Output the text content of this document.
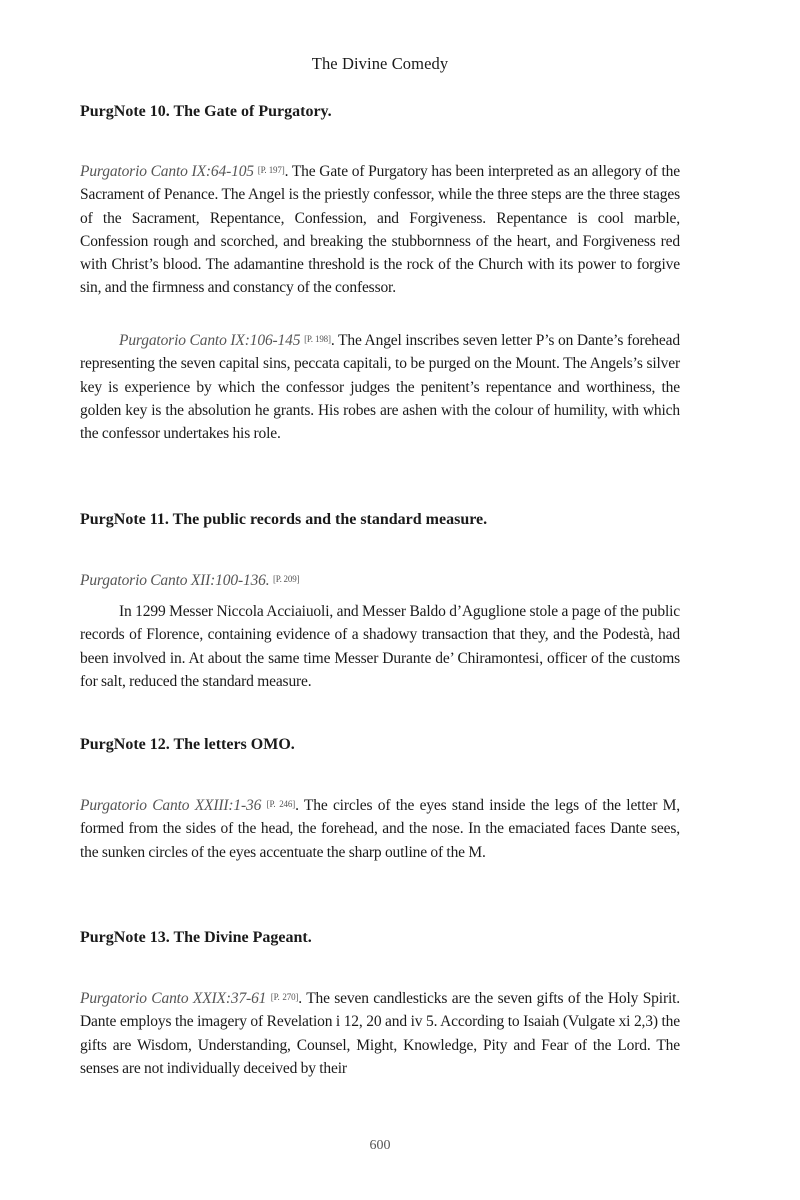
The Divine Comedy
PurgNote 10. The Gate of Purgatory.

Purgatorio Canto IX:64-105 [P. 197]. The Gate of Purgatory has been interpreted as an allegory of the Sacrament of Penance. The Angel is the priestly confessor, while the three steps are the three stages of the Sacrament, Repentance, Confession, and Forgiveness. Repentance is cool marble, Confession rough and scorched, and breaking the stubbornness of the heart, and Forgiveness red with Christ’s blood. The adamantine threshold is the rock of the Church with its power to forgive sin, and the firmness and constancy of the confessor.

Purgatorio Canto IX:106-145 [P. 198]. The Angel inscribes seven letter P’s on Dante’s forehead representing the seven capital sins, peccata capitali, to be purged on the Mount. The Angels’s silver key is experience by which the confessor judges the penitent’s repentance and worthiness, the golden key is the absolution he grants. His robes are ashen with the colour of humility, with which the confessor undertakes his role.

PurgNote 11. The public records and the standard measure.

Purgatorio Canto XII:100-136. [P. 209]

In 1299 Messer Niccola Acciaiuoli, and Messer Baldo d’Aguglione stole a page of the public records of Florence, containing evidence of a shadowy transaction that they, and the Podestà, had been involved in. At about the same time Messer Durante de’ Chiramontesi, officer of the customs for salt, reduced the standard measure.

PurgNote 12. The letters OMO.

Purgatorio Canto XXIII:1-36 [P. 246]. The circles of the eyes stand inside the legs of the letter M, formed from the sides of the head, the forehead, and the nose. In the emaciated faces Dante sees, the sunken circles of the eyes accentuate the sharp outline of the M.

PurgNote 13. The Divine Pageant.

Purgatorio Canto XXIX:37-61 [P. 270]. The seven candlesticks are the seven gifts of the Holy Spirit. Dante employs the imagery of Revelation i 12, 20 and iv 5. According to Isaiah (Vulgate xi 2,3) the gifts are Wisdom, Understanding, Counsel, Might, Knowledge, Pity and Fear of the Lord. The senses are not individually deceived by their

600
